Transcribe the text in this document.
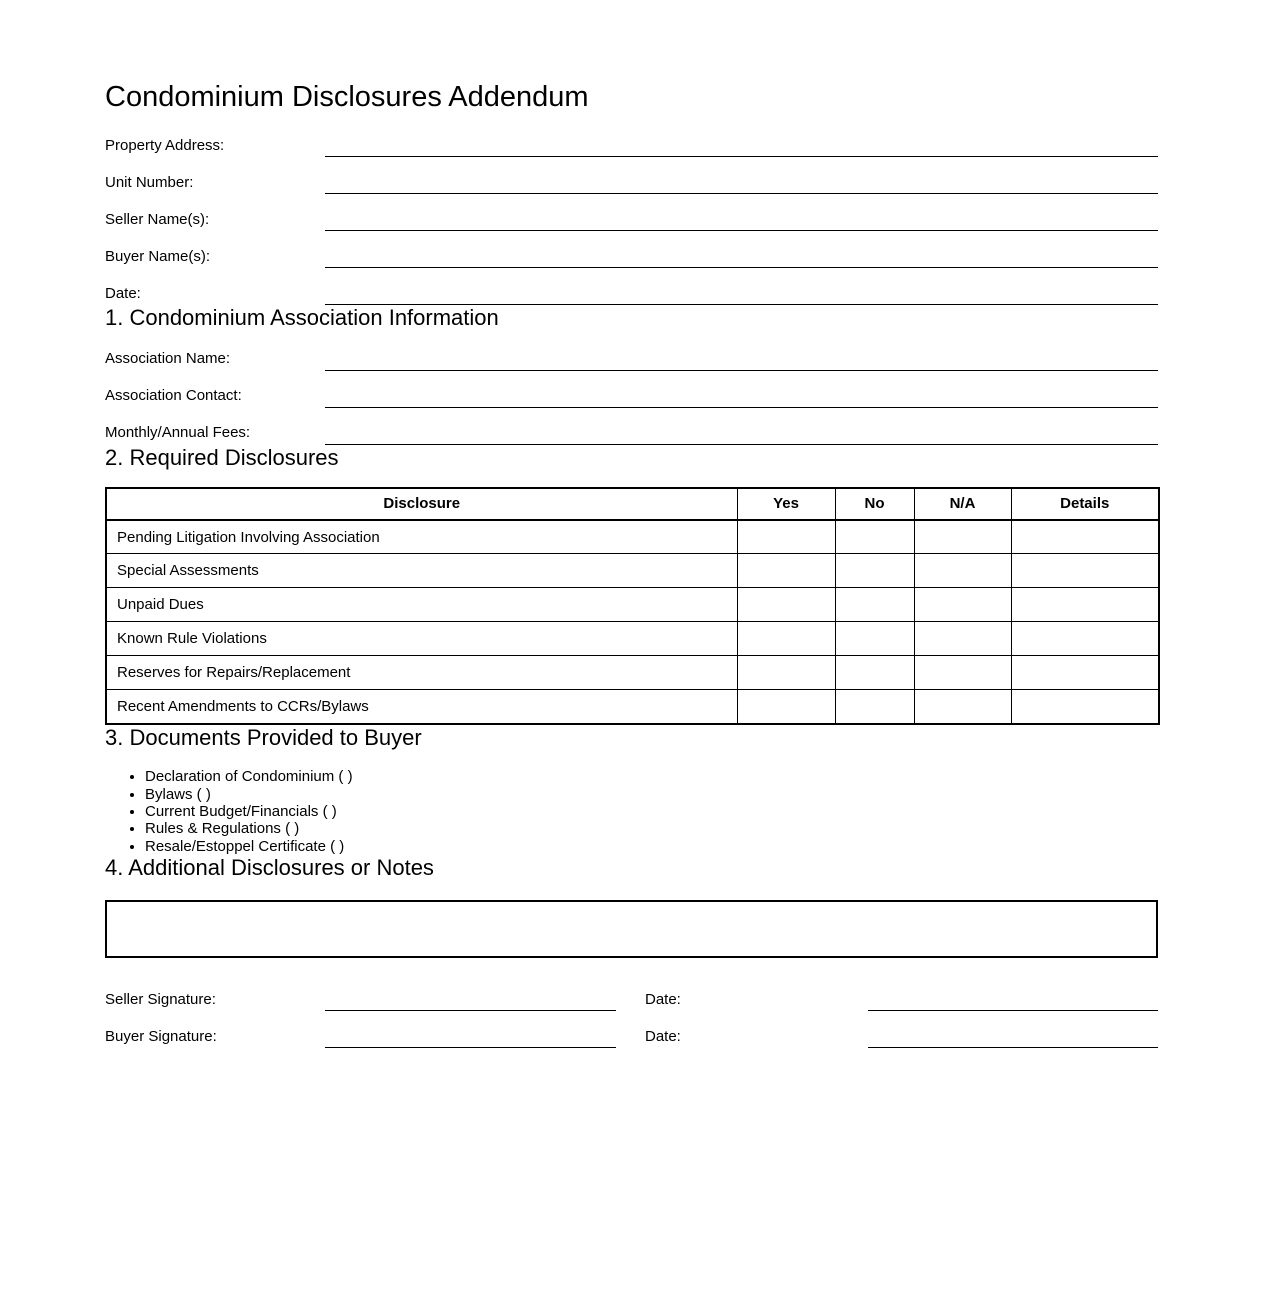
Condominium Disclosures Addendum
Property Address:
Unit Number:
Seller Name(s):
Buyer Name(s):
Date:
1. Condominium Association Information
Association Name:
Association Contact:
Monthly/Annual Fees:
2. Required Disclosures
Disclosure	Yes	No	N/A	Details
Pending Litigation Involving Association				
Special Assessments				
Unpaid Dues				
Known Rule Violations				
Reserves for Repairs/Replacement				
Recent Amendments to CCRs/Bylaws				
3. Documents Provided to Buyer
• Declaration of Condominium ( )
• Bylaws ( )
• Current Budget/Financials ( )
• Rules & Regulations ( )
• Resale/Estoppel Certificate ( )
4. Additional Disclosures or Notes
Seller Signature:	Date:
Buyer Signature:	Date:
